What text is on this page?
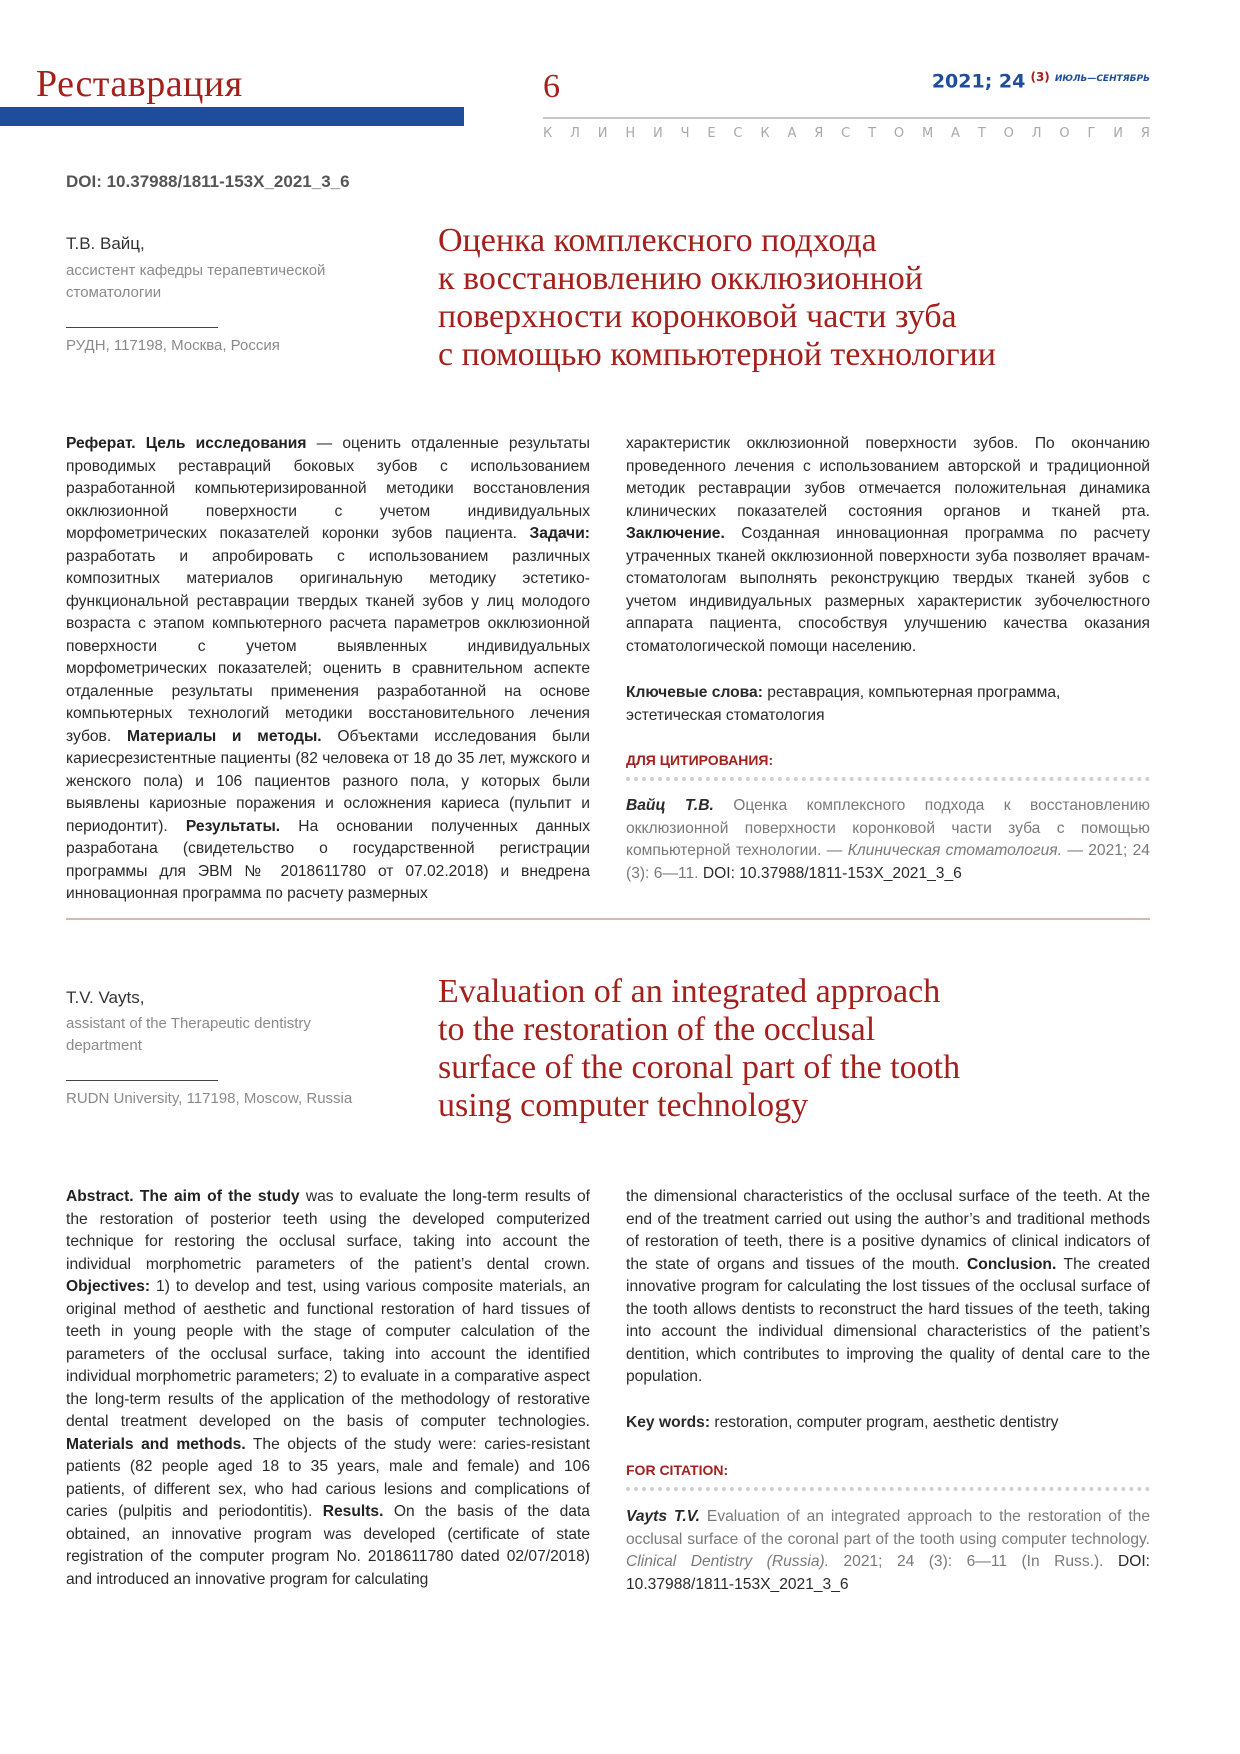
Реставрация	6	2021; 24 $^{(3)}$ $^{ИЮЛЬ—СЕНТЯБРЬ}$
К Л И Н И Ч Е С К А Я С Т О М А Т О Л О Г И Я
DOI: 10.37988/1811-153X_2021_3_6
Т.В. Вайц,
ассистент кафедры терапевтической стоматологии
РУДН, 117198, Москва, Россия
Оценка комплексного подхода
к восстановлению окклюзионной
поверхности коронковой части зуба
с помощью компьютерной технологии

Реферат. Цель исследования — оценить отдаленные результаты проводимых реставраций боковых зубов с использованием разработанной компьютеризированной методики восстановления окклюзионной поверхности с учетом индивидуальных морфометрических показателей коронки зубов пациента. Задачи: разработать и апробировать с использованием различных композитных материалов оригинальную методику эстетико-функциональной реставрации твердых тканей зубов у лиц молодого возраста с этапом компьютерного расчета параметров окклюзионной поверхности с учетом выявленных индивидуальных морфометрических показателей; оценить в сравнительном аспекте отдаленные результаты применения разработанной на основе компьютерных технологий методики восстановительного лечения зубов. Материалы и методы. Объектами исследования были кариесрезистентные пациенты (82 человека от 18 до 35 лет, мужского и женского пола) и 106 пациентов разного пола, у которых были выявлены кариозные поражения и осложнения кариеса (пульпит и периодонтит). Результаты. На основании полученных данных разработана (свидетельство о государственной регистрации программы для ЭВМ № 2018611780 от 07.02.2018) и внедрена инновационная программа по расчету размерных

характеристик окклюзионной поверхности зубов. По окончанию проведенного лечения с использованием авторской и традиционной методик реставрации зубов отмечается положительная динамика клинических показателей состояния органов и тканей рта. Заключение. Созданная инновационная программа по расчету утраченных тканей окклюзионной поверхности зуба позволяет врачам-стоматологам выполнять реконструкцию твердых тканей зубов с учетом индивидуальных размерных характеристик зубочелюстного аппарата пациента, способствуя улучшению качества оказания стоматологической помощи населению.

Ключевые слова: реставрация, компьютерная программа, эстетическая стоматология
ДЛЯ ЦИТИРОВАНИЯ:

Вайц Т.В. Оценка комплексного подхода к восстановлению окклюзионной поверхности коронковой части зуба с помощью компьютерной технологии. — Клиническая стоматология. — 2021; 24 (3): 6—11. DOI: 10.37988/1811-153X_2021_3_6

T.V. Vayts,
assistant of the Therapeutic dentistry department
RUDN University, 117198, Moscow, Russia
Evaluation of an integrated approach
to the restoration of the occlusal
surface of the coronal part of the tooth
using computer technology

Abstract. The aim of the study was to evaluate the long-term results of the restoration of posterior teeth using the developed computerized technique for restoring the occlusal surface, taking into account the individual morphometric parameters of the patient’s dental crown. Objectives: 1) to develop and test, using various composite materials, an original method of aesthetic and functional restoration of hard tissues of teeth in young people with the stage of computer calculation of the parameters of the occlusal surface, taking into account the identified individual morphometric parameters; 2) to evaluate in a comparative aspect the long-term results of the application of the methodology of restorative dental treatment developed on the basis of computer technologies. Materials and methods. The objects of the study were: caries-resistant patients (82 people aged 18 to 35 years, male and female) and 106 patients, of different sex, who had carious lesions and complications of caries (pulpitis and periodontitis). Results. On the basis of the data obtained, an innovative program was developed (certificate of state registration of the computer program No. 2018611780 dated 02/07/2018) and introduced an innovative program for calculating

the dimensional characteristics of the occlusal surface of the teeth. At the end of the treatment carried out using the author’s and traditional methods of restoration of teeth, there is a positive dynamics of clinical indicators of the state of organs and tissues of the mouth. Conclusion. The created innovative program for calculating the lost tissues of the occlusal surface of the tooth allows dentists to reconstruct the hard tissues of the teeth, taking into account the individual dimensional characteristics of the patient’s dentition, which contributes to improving the quality of dental care to the population.

Key words: restoration, computer program, aesthetic dentistry
FOR CITATION:

Vayts T.V. Evaluation of an integrated approach to the restoration of the occlusal surface of the coronal part of the tooth using computer technology. Clinical Dentistry (Russia). 2021; 24 (3): 6—11 (In Russ.). DOI: 10.37988/1811-153X_2021_3_6
